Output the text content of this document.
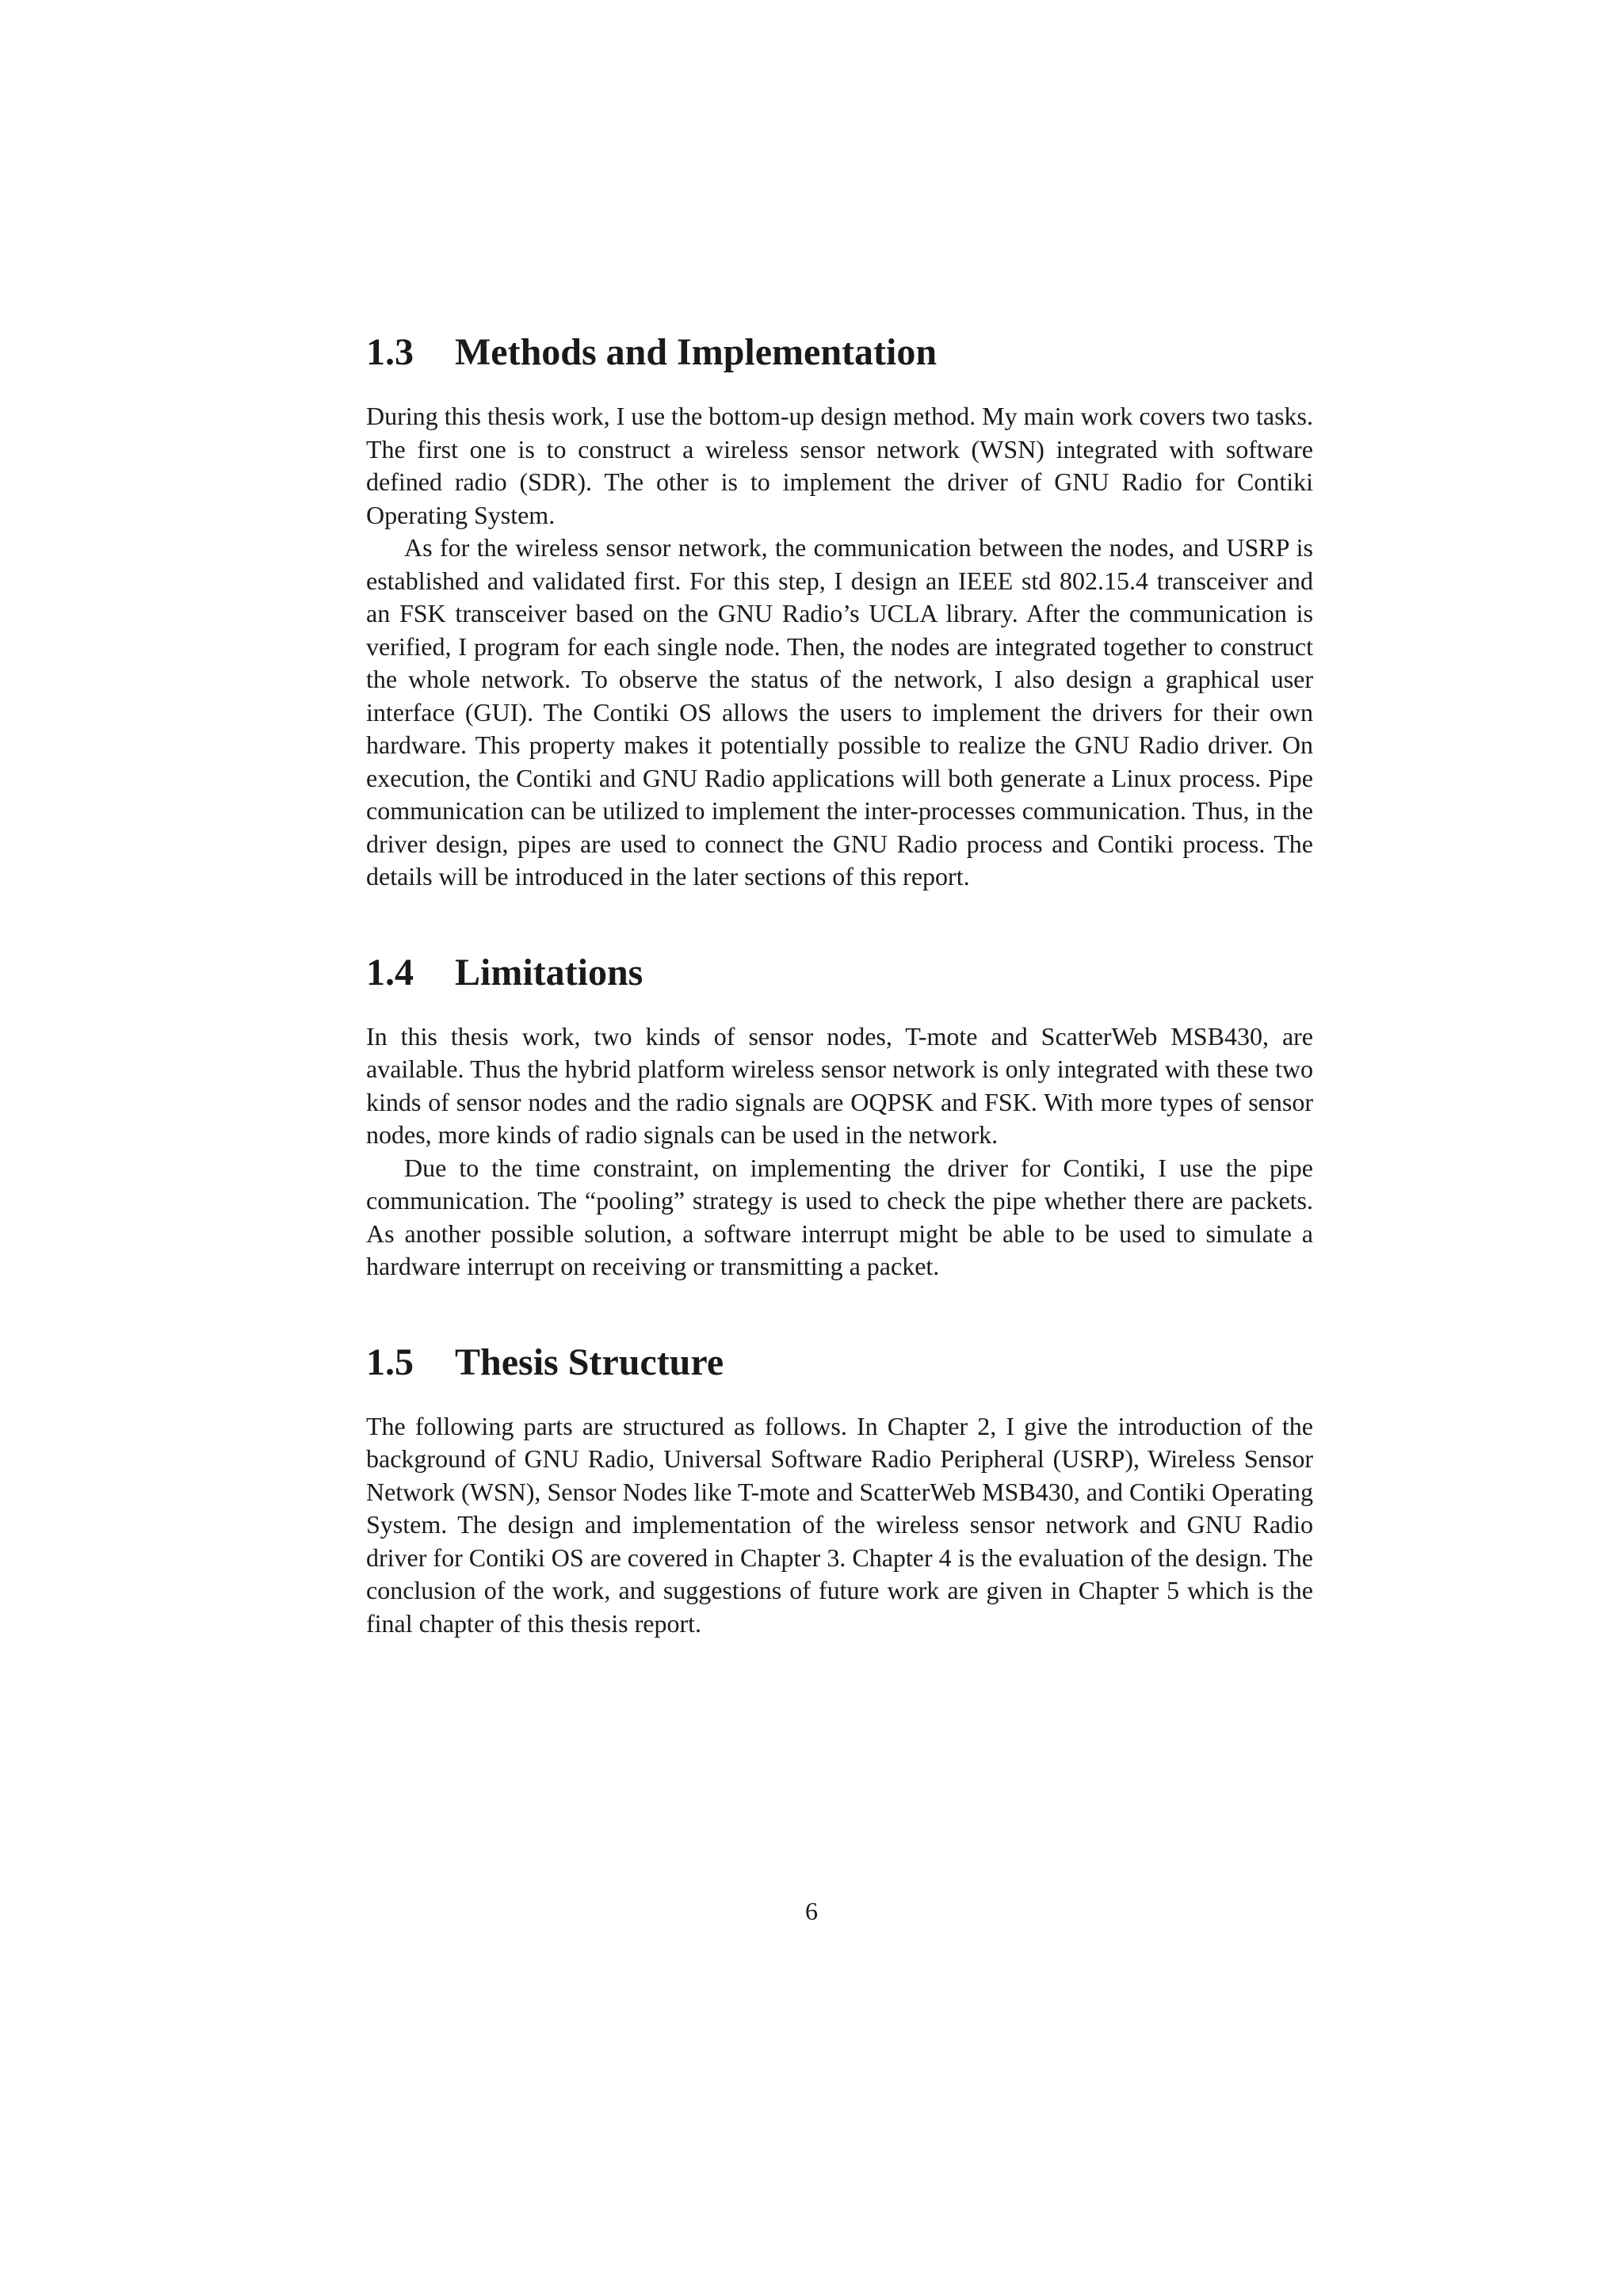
1.3	Methods and Implementation

During this thesis work, I use the bottom-up design method. My main work covers two tasks. The first one is to construct a wireless sensor network (WSN) integrated with software defined radio (SDR). The other is to implement the driver of GNU Radio for Contiki Operating System.

As for the wireless sensor network, the communication between the nodes, and USRP is established and validated first. For this step, I design an IEEE std 802.15.4 transceiver and an FSK transceiver based on the GNU Radio’s UCLA library. After the communication is verified, I program for each single node. Then, the nodes are integrated together to construct the whole network. To observe the status of the network, I also design a graphical user interface (GUI). The Contiki OS allows the users to implement the drivers for their own hardware. This property makes it potentially possible to realize the GNU Radio driver. On execution, the Contiki and GNU Radio applications will both generate a Linux process. Pipe communication can be utilized to implement the inter-processes communication. Thus, in the driver design, pipes are used to connect the GNU Radio process and Contiki process. The details will be introduced in the later sections of this report.

1.4	Limitations

In this thesis work, two kinds of sensor nodes, T-mote and ScatterWeb MSB430, are available. Thus the hybrid platform wireless sensor network is only integrated with these two kinds of sensor nodes and the radio signals are OQPSK and FSK. With more types of sensor nodes, more kinds of radio signals can be used in the network.

Due to the time constraint, on implementing the driver for Contiki, I use the pipe communication. The “pooling” strategy is used to check the pipe whether there are packets. As another possible solution, a software interrupt might be able to be used to simulate a hardware interrupt on receiving or transmitting a packet.

1.5	Thesis Structure

The following parts are structured as follows. In Chapter 2, I give the introduction of the background of GNU Radio, Universal Software Radio Peripheral (USRP), Wireless Sensor Network (WSN), Sensor Nodes like T-mote and ScatterWeb MSB430, and Contiki Operating System. The design and implementation of the wireless sensor network and GNU Radio driver for Contiki OS are covered in Chapter 3. Chapter 4 is the evaluation of the design. The conclusion of the work, and suggestions of future work are given in Chapter 5 which is the final chapter of this thesis report.

6
